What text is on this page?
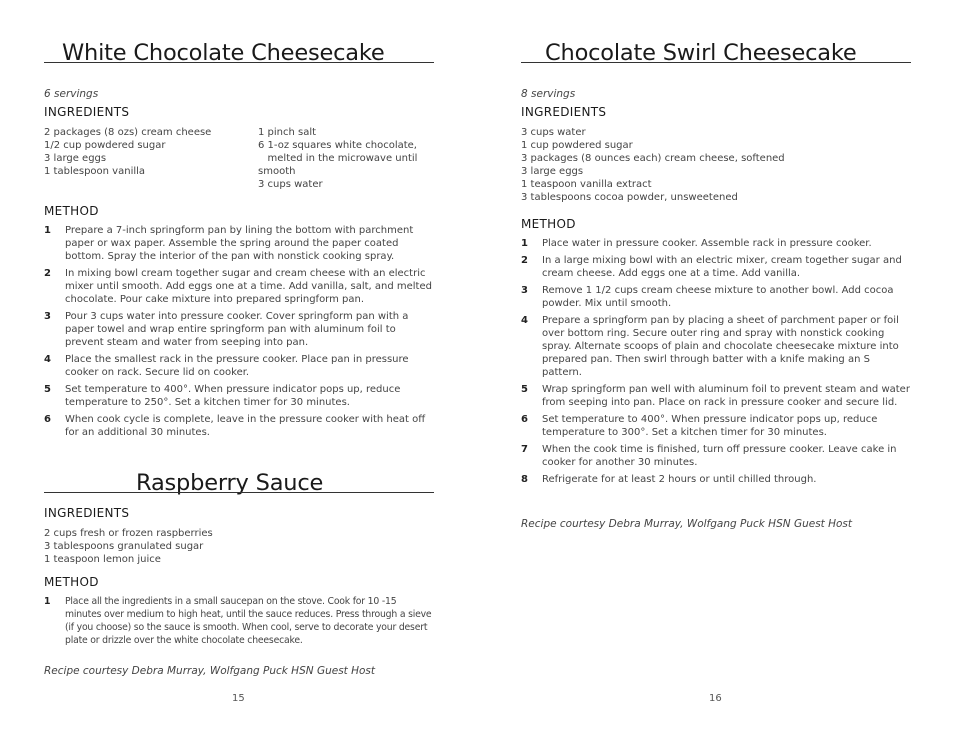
White Chocolate Cheesecake
6 servings
INGREDIENTS
2 packages (8 ozs) cream cheese
1/2 cup powdered sugar
3 large eggs
1 tablespoon vanilla
1 pinch salt
6 1-oz squares white chocolate,
melted in the microwave until
smooth
3 cups water
METHOD
1 Prepare a 7-inch springform pan by lining the bottom with parchment paper or wax paper. Assemble the spring around the paper coated bottom. Spray the interior of the pan with nonstick cooking spray.
2 In mixing bowl cream together sugar and cream cheese with an electric mixer until smooth. Add eggs one at a time. Add vanilla, salt, and melted chocolate. Pour cake mixture into prepared springform pan.
3 Pour 3 cups water into pressure cooker. Cover springform pan with a paper towel and wrap entire springform pan with aluminum foil to prevent steam and water from seeping into pan.
4 Place the smallest rack in the pressure cooker. Place pan in pressure cooker on rack. Secure lid on cooker.
5 Set temperature to 400°. When pressure indicator pops up, reduce temperature to 250°. Set a kitchen timer for 30 minutes.
6 When cook cycle is complete, leave in the pressure cooker with heat off for an additional 30 minutes.
Raspberry Sauce
INGREDIENTS
2 cups fresh or frozen raspberries
3 tablespoons granulated sugar
1 teaspoon lemon juice
METHOD
1 Place all the ingredients in a small saucepan on the stove. Cook for 10 -15 minutes over medium to high heat, until the sauce reduces. Press through a sieve (if you choose) so the sauce is smooth. When cool, serve to decorate your desert plate or drizzle over the white chocolate cheesecake.
Recipe courtesy Debra Murray, Wolfgang Puck HSN Guest Host
15
Chocolate Swirl Cheesecake
8 servings
INGREDIENTS
3 cups water
1 cup powdered sugar
3 packages (8 ounces each) cream cheese, softened
3 large eggs
1 teaspoon vanilla extract
3 tablespoons cocoa powder, unsweetened
METHOD
1 Place water in pressure cooker. Assemble rack in pressure cooker.
2 In a large mixing bowl with an electric mixer, cream together sugar and cream cheese. Add eggs one at a time. Add vanilla.
3 Remove 1 1/2 cups cream cheese mixture to another bowl. Add cocoa powder. Mix until smooth.
4 Prepare a springform pan by placing a sheet of parchment paper or foil over bottom ring. Secure outer ring and spray with nonstick cooking spray. Alternate scoops of plain and chocolate cheesecake mixture into prepared pan. Then swirl through batter with a knife making an S pattern.
5 Wrap springform pan well with aluminum foil to prevent steam and water from seeping into pan. Place on rack in pressure cooker and secure lid.
6 Set temperature to 400°. When pressure indicator pops up, reduce temperature to 300°. Set a kitchen timer for 30 minutes.
7 When the cook time is finished, turn off pressure cooker. Leave cake in cooker for another 30 minutes.
8 Refrigerate for at least 2 hours or until chilled through.
Recipe courtesy Debra Murray, Wolfgang Puck HSN Guest Host
16
